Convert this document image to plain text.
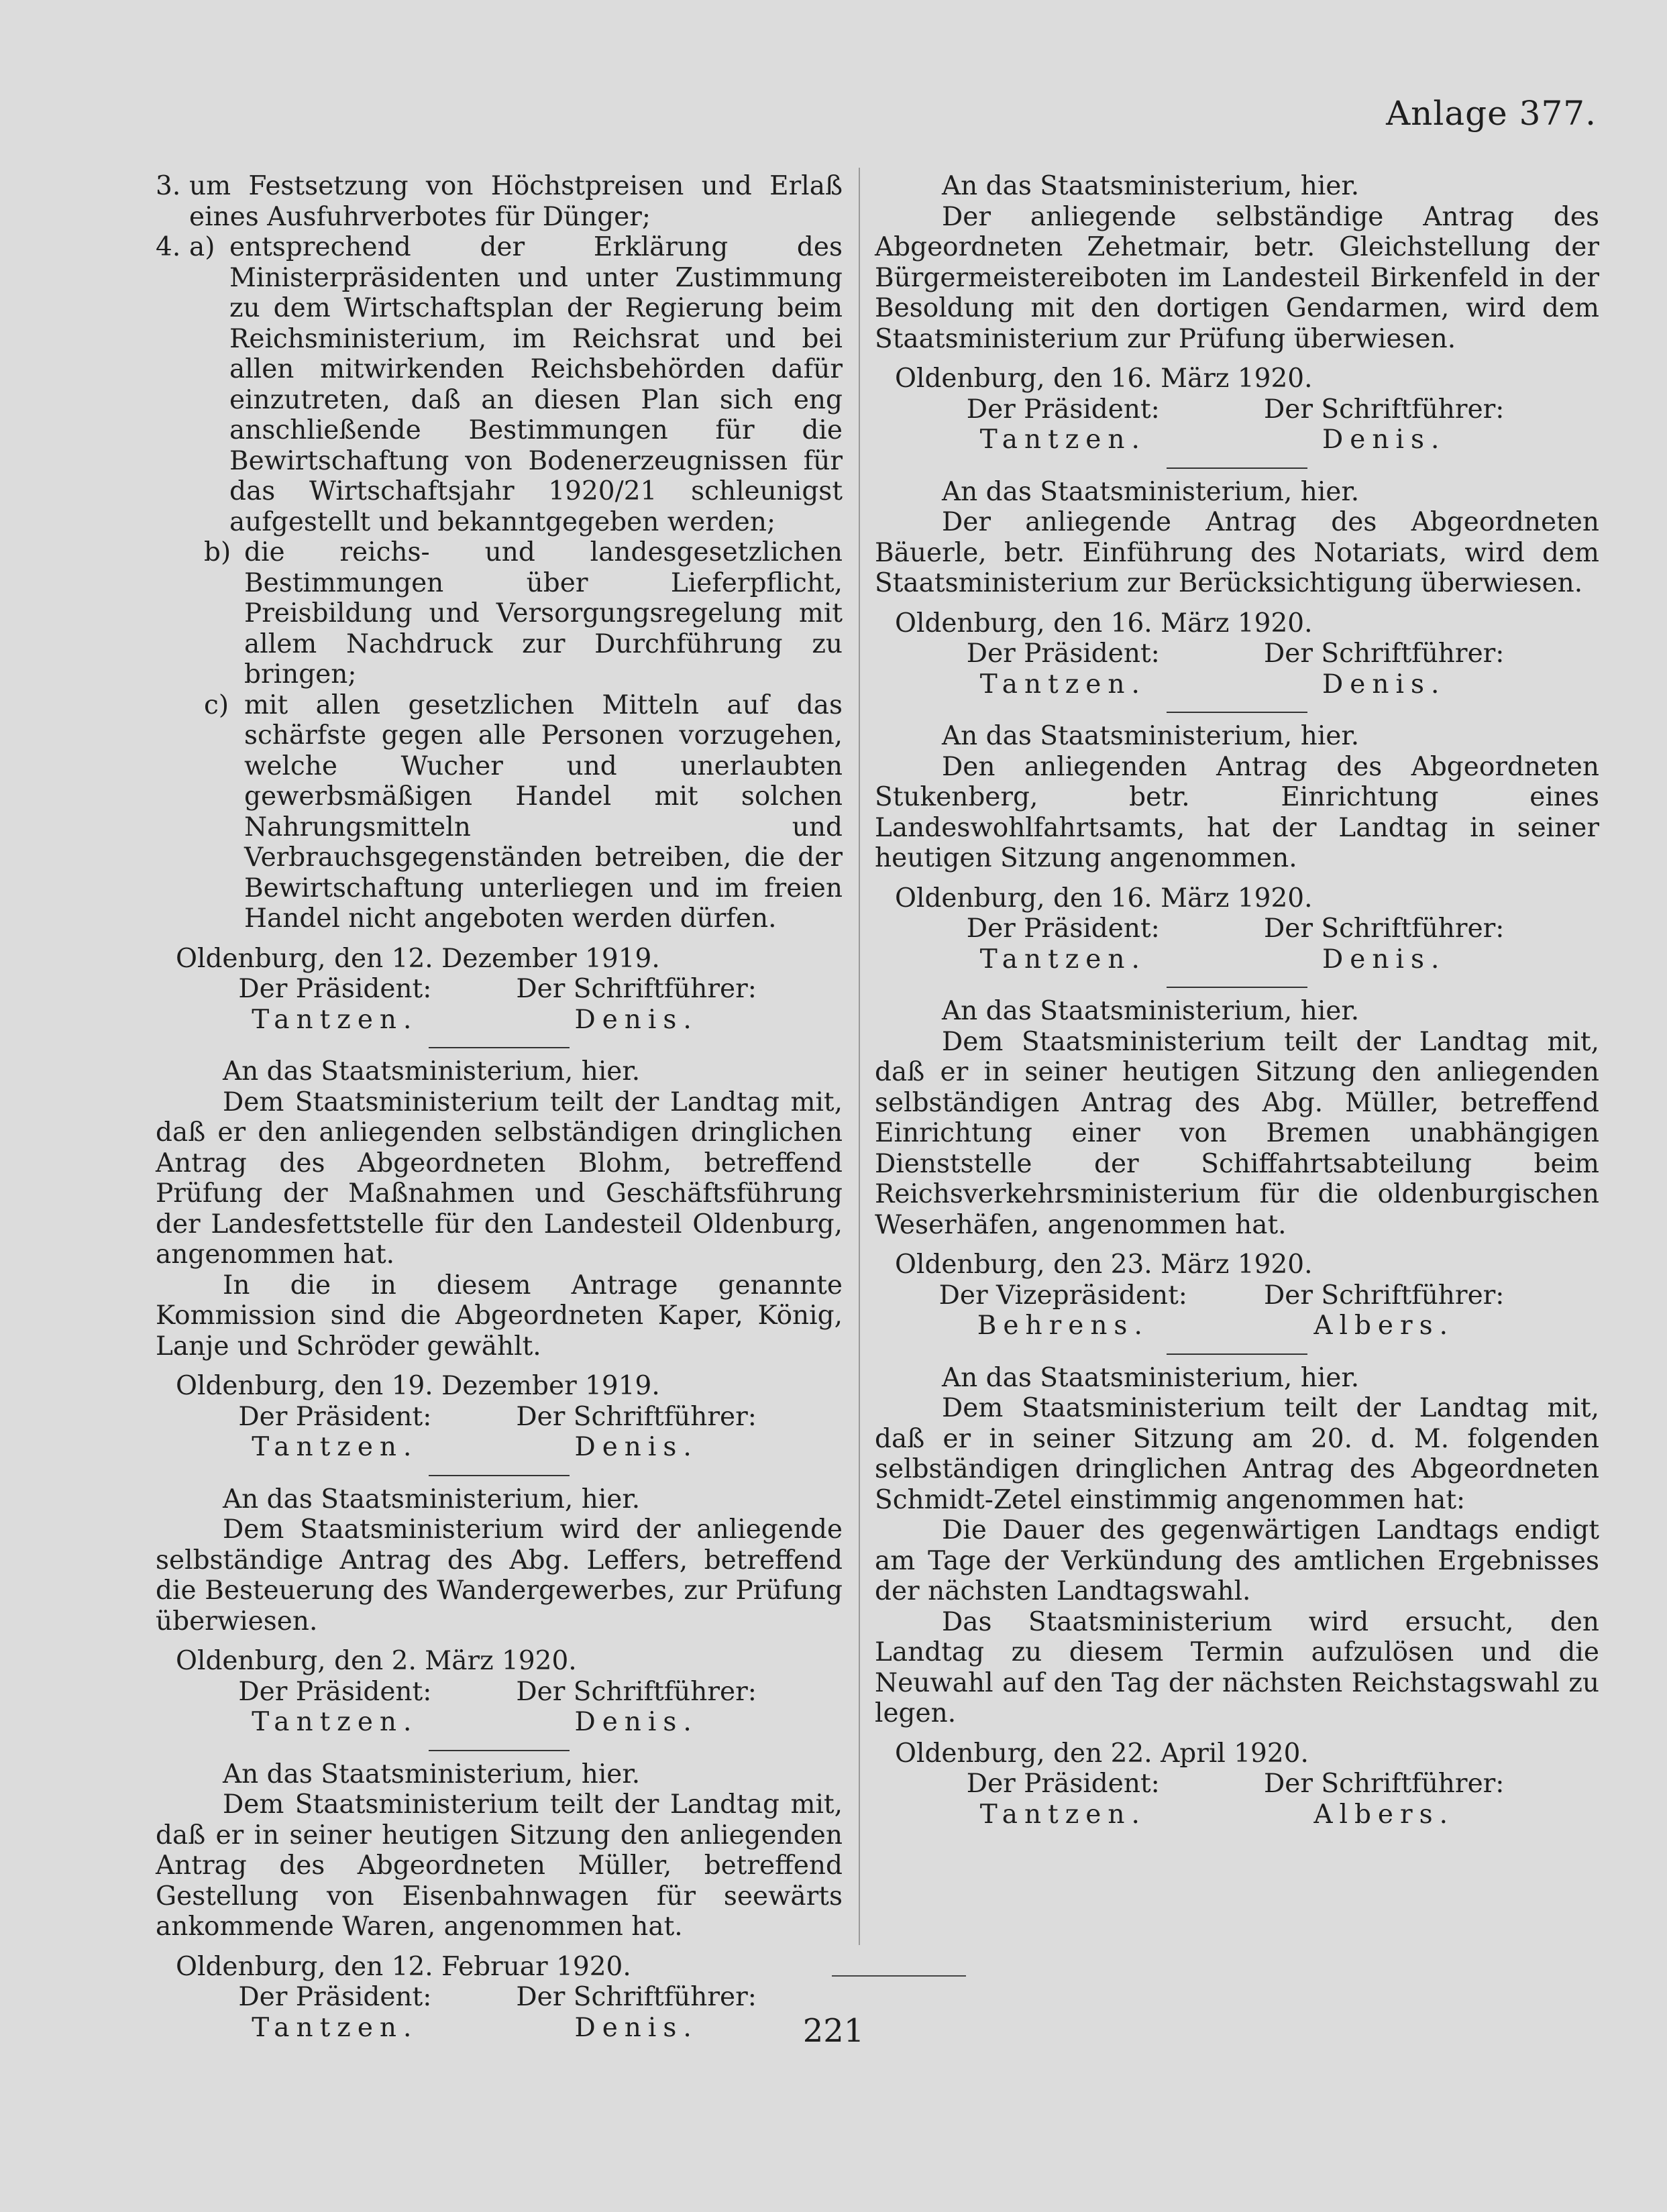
Anlage 377.
3. um Festsetzung von Höchstpreisen und Erlaß eines Ausfuhrverbotes für Dünger;
4. a) entsprechend der Erklärung des Ministerpräsidenten und unter Zustimmung zu dem Wirtschaftsplan der Regierung beim Reichsministerium, im Reichsrat und bei allen mitwirkenden Reichsbehörden dafür einzutreten, daß an diesen Plan sich eng anschließende Bestimmungen für die Bewirtschaftung von Bodenerzeugnissen für das Wirtschaftsjahr 1920/21 schleunigst aufgestellt und bekanntgegeben werden;
b) die reichs- und landesgesetzlichen Bestimmungen über Lieferpflicht, Preisbildung und Versorgungsregelung mit allem Nachdruck zur Durchführung zu bringen;
c) mit allen gesetzlichen Mitteln auf das schärfste gegen alle Personen vorzugehen, welche Wucher und unerlaubten gewerbsmäßigen Handel mit solchen Nahrungsmitteln und Verbrauchsgegenständen betreiben, die der Bewirtschaftung unterliegen und im freien Handel nicht angeboten werden dürfen.

Oldenburg, den 12. Dezember 1919.

Der Präsident:	Der Schriftführer:
Tantzen.	Denis.

An das Staatsministerium, hier.

Dem Staatsministerium teilt der Landtag mit, daß er den anliegenden selbständigen dringlichen Antrag des Abgeordneten Blohm, betreffend Prüfung der Maßnahmen und Geschäftsführung der Landesfettstelle für den Landesteil Oldenburg, angenommen hat.

In die in diesem Antrage genannte Kommission sind die Abgeordneten Kaper, König, Lanje und Schröder gewählt.

Oldenburg, den 19. Dezember 1919.

Der Präsident:	Der Schriftführer:
Tantzen.	Denis.

An das Staatsministerium, hier.

Dem Staatsministerium wird der anliegende selbständige Antrag des Abg. Leffers, betreffend die Besteuerung des Wandergewerbes, zur Prüfung überwiesen.

Oldenburg, den 2. März 1920.

Der Präsident:	Der Schriftführer:
Tantzen.	Denis.

An das Staatsministerium, hier.

Dem Staatsministerium teilt der Landtag mit, daß er in seiner heutigen Sitzung den anliegenden Antrag des Abgeordneten Müller, betreffend Gestellung von Eisenbahnwagen für seewärts ankommende Waren, angenommen hat.

Oldenburg, den 12. Februar 1920.

Der Präsident:	Der Schriftführer:
Tantzen.	Denis.

An das Staatsministerium, hier.

Der anliegende selbständige Antrag des Abgeordneten Zehetmair, betr. Gleichstellung der Bürgermeistereiboten im Landesteil Birkenfeld in der Besoldung mit den dortigen Gendarmen, wird dem Staatsministerium zur Prüfung überwiesen.

Oldenburg, den 16. März 1920.

Der Präsident:	Der Schriftführer:
Tantzen.	Denis.

An das Staatsministerium, hier.

Der anliegende Antrag des Abgeordneten Bäuerle, betr. Einführung des Notariats, wird dem Staatsministerium zur Berücksichtigung überwiesen.

Oldenburg, den 16. März 1920.

Der Präsident:	Der Schriftführer:
Tantzen.	Denis.

An das Staatsministerium, hier.

Den anliegenden Antrag des Abgeordneten Stukenberg, betr. Einrichtung eines Landeswohlfahrtsamts, hat der Landtag in seiner heutigen Sitzung angenommen.

Oldenburg, den 16. März 1920.

Der Präsident:	Der Schriftführer:
Tantzen.	Denis.

An das Staatsministerium, hier.

Dem Staatsministerium teilt der Landtag mit, daß er in seiner heutigen Sitzung den anliegenden selbständigen Antrag des Abg. Müller, betreffend Einrichtung einer von Bremen unabhängigen Dienststelle der Schiffahrtsabteilung beim Reichsverkehrsministerium für die oldenburgischen Weserhäfen, angenommen hat.

Oldenburg, den 23. März 1920.

Der Vizepräsident:	Der Schriftführer:
Behrens.	Albers.

An das Staatsministerium, hier.

Dem Staatsministerium teilt der Landtag mit, daß er in seiner Sitzung am 20. d. M. folgenden selbständigen dringlichen Antrag des Abgeordneten Schmidt-Zetel einstimmig angenommen hat:

Die Dauer des gegenwärtigen Landtags endigt am Tage der Verkündung des amtlichen Ergebnisses der nächsten Landtagswahl.

Das Staatsministerium wird ersucht, den Landtag zu diesem Termin aufzulösen und die Neuwahl auf den Tag der nächsten Reichstagswahl zu legen.

Oldenburg, den 22. April 1920.

Der Präsident:	Der Schriftführer:
Tantzen.	Albers.
221
